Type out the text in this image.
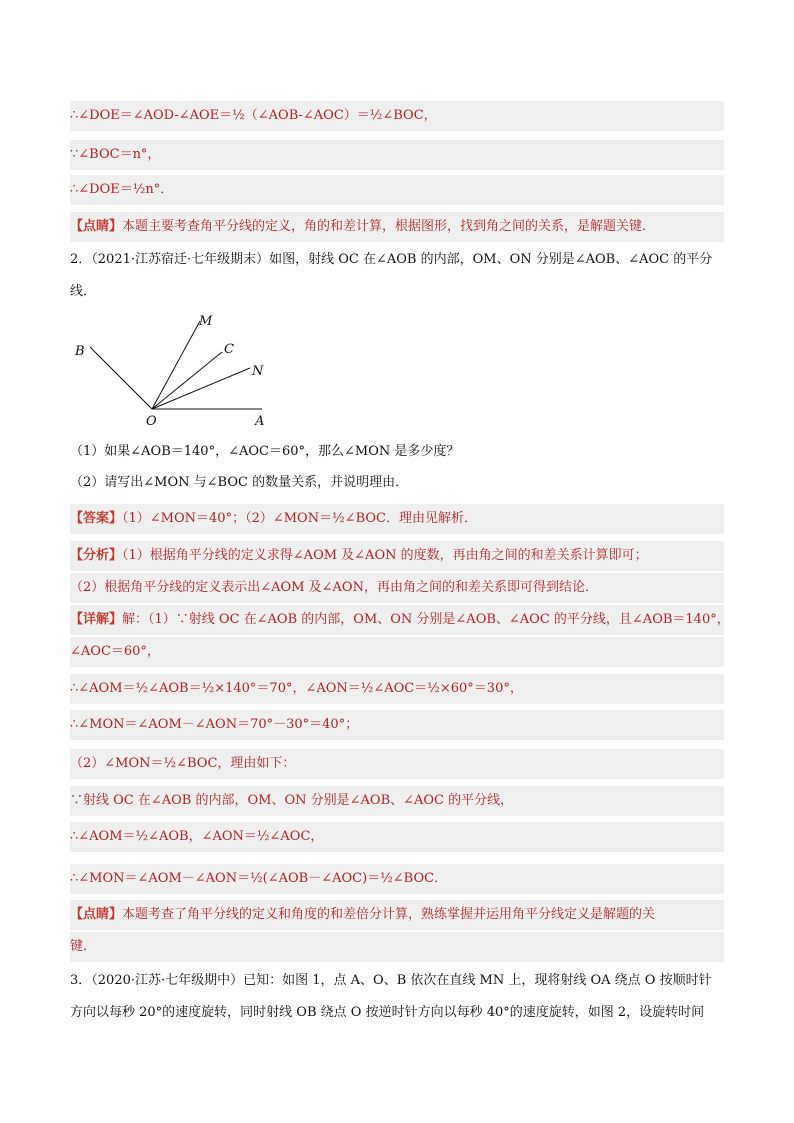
∴∠DOE＝∠AOD-∠AOE＝½（∠AOB-∠AOC）＝½∠BOC，
∵∠BOC＝n°，
∴∠DOE＝½n°．
【点睛】本题主要考查角平分线的定义，角的和差计算，根据图形，找到角之间的关系，是解题关键．
2．（2021·江苏宿迁·七年级期末）如图，射线 OC 在∠AOB 的内部，OM、ON 分别是∠AOB、∠AOC 的平分
线．
B
M
C
N
O	A
（1）如果∠AOB＝140°，∠AOC＝60°，那么∠MON 是多少度？
（2）请写出∠MON 与∠BOC 的数量关系，并说明理由．
【答案】（1）∠MON＝40°；（2）∠MON＝½∠BOC．理由见解析．
【分析】（1）根据角平分线的定义求得∠AOM 及∠AON 的度数，再由角之间的和差关系计算即可；
（2）根据角平分线的定义表示出∠AOM 及∠AON，再由角之间的和差关系即可得到结论．
【详解】解：（1）∵射线 OC 在∠AOB 的内部，OM、ON 分别是∠AOB、∠AOC 的平分线，且∠AOB＝140°，
∠AOC＝60°，
∴∠AOM＝½∠AOB＝½×140°＝70°，∠AON＝½∠AOC＝½×60°＝30°，
∴∠MON＝∠AOM－∠AON＝70°－30°＝40°；
（2）∠MON＝½∠BOC，理由如下：
∵射线 OC 在∠AOB 的内部，OM、ON 分别是∠AOB、∠AOC 的平分线，
∴∠AOM＝½∠AOB，∠AON＝½∠AOC，
∴∠MON＝∠AOM－∠AON＝½(∠AOB－∠AOC)＝½∠BOC．
【点睛】本题考查了角平分线的定义和角度的和差倍分计算，熟练掌握并运用角平分线定义是解题的关
键．
3．（2020·江苏·七年级期中）已知：如图 1，点 A、O、B 依次在直线 MN 上，现将射线 OA 绕点 O 按顺时针
方向以每秒 20°的速度旋转，同时射线 OB 绕点 O 按逆时针方向以每秒 40°的速度旋转，如图 2，设旋转时间
